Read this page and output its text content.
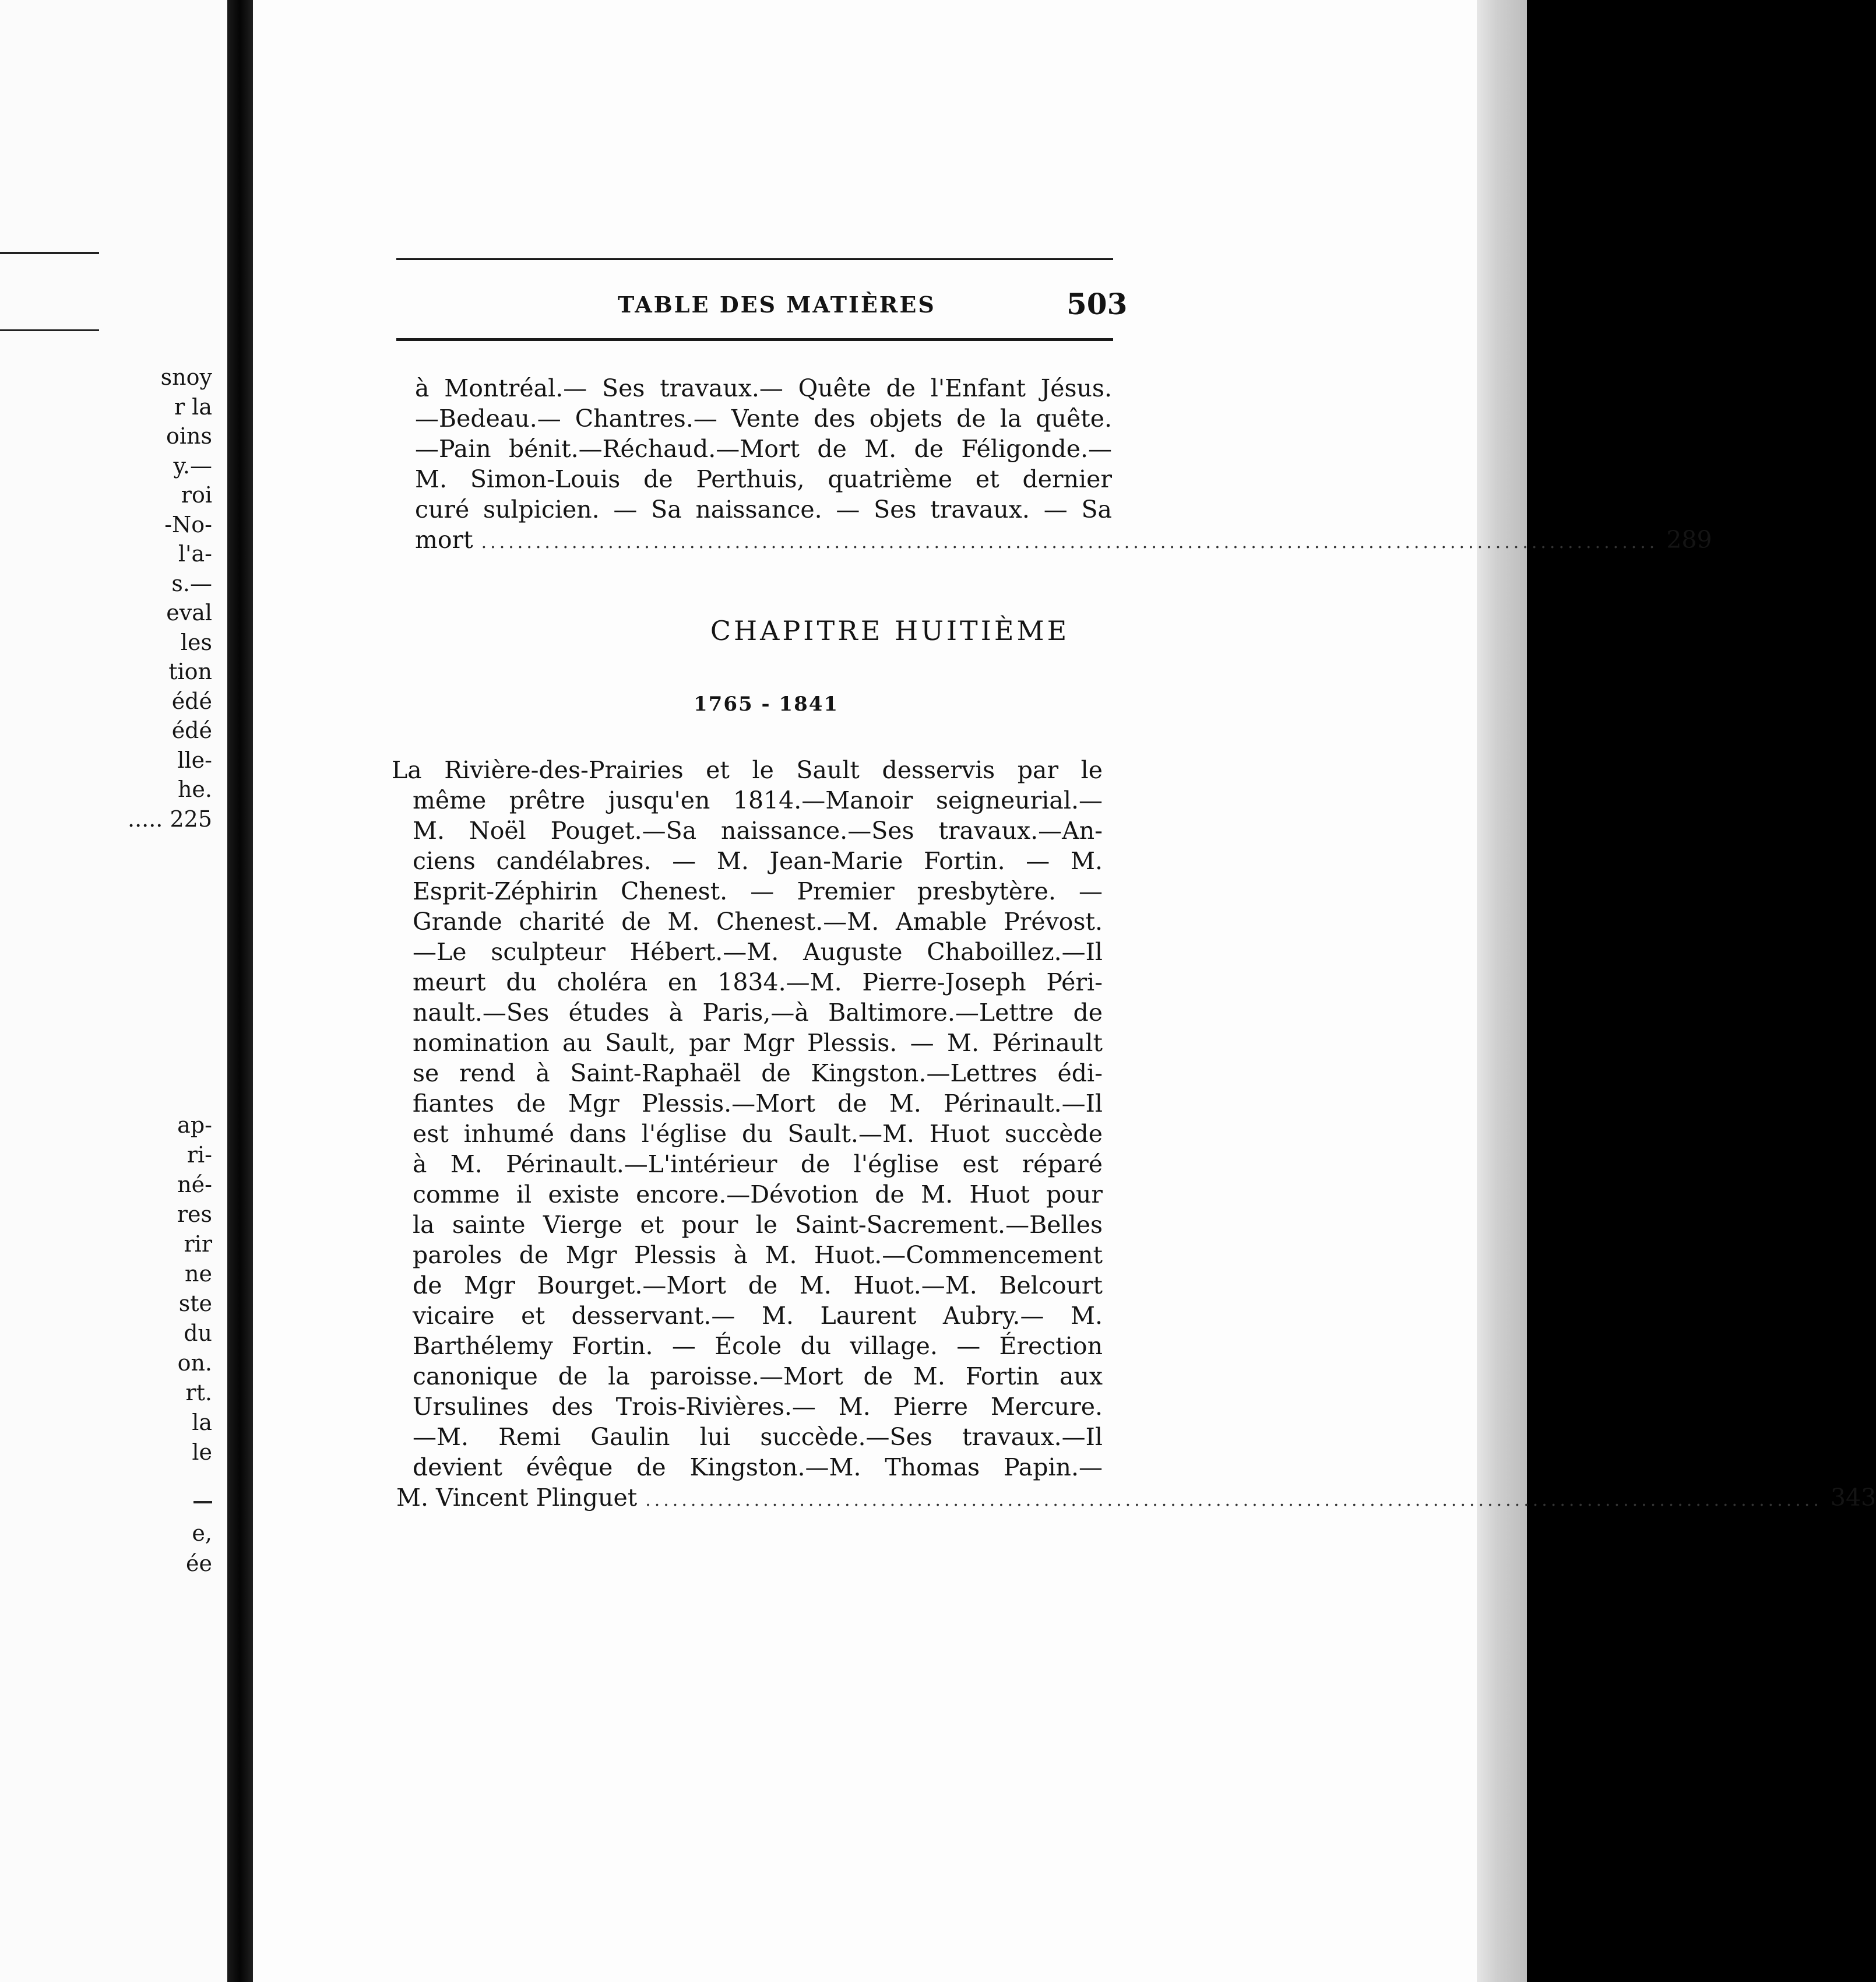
snoy
r la
oins
y.—
roi
-No-
l'a-
s.—
eval
les
tion
édé
édé
lle-
he.
..... 225
ap-
ri-
né-
res
rir
ne
ste
du
on.
rt.
la
le
e,
ée
TABLE DES MATIÈRES	503
à Montréal.— Ses travaux.— Quête de l'Enfant Jésus.
—Bedeau.— Chantres.— Vente des objets de la quête.
—Pain bénit.—Réchaud.—Mort de M. de Féligonde.—
M. Simon-Louis de Perthuis, quatrième et dernier
curé sulpicien. — Sa naissance. — Ses travaux. — Sa
mort .................................................................................................................................. 289
CHAPITRE HUITIÈME
1765 - 1841
La Rivière-des-Prairies et le Sault desservis par le
même prêtre jusqu'en 1814.—Manoir seigneurial.—
M. Noël Pouget.—Sa naissance.—Ses travaux.—An-
ciens candélabres. — M. Jean-Marie Fortin. — M.
Esprit-Zéphirin Chenest. — Premier presbytère. —
Grande charité de M. Chenest.—M. Amable Prévost.
—Le sculpteur Hébert.—M. Auguste Chaboillez.—Il
meurt du choléra en 1834.—M. Pierre-Joseph Péri-
nault.—Ses études à Paris,—à Baltimore.—Lettre de
nomination au Sault, par Mgr Plessis. — M. Périnault
se rend à Saint-Raphaël de Kingston.—Lettres édi-
fiantes de Mgr Plessis.—Mort de M. Périnault.—Il
est inhumé dans l'église du Sault.—M. Huot succède
à M. Périnault.—L'intérieur de l'église est réparé
comme il existe encore.—Dévotion de M. Huot pour
la sainte Vierge et pour le Saint-Sacrement.—Belles
paroles de Mgr Plessis à M. Huot.—Commencement
de Mgr Bourget.—Mort de M. Huot.—M. Belcourt
vicaire et desservant.— M. Laurent Aubry.— M.
Barthélemy Fortin. — École du village. — Érection
canonique de la paroisse.—Mort de M. Fortin aux
Ursulines des Trois-Rivières.— M. Pierre Mercure.
—M. Remi Gaulin lui succède.—Ses travaux.—Il
devient évêque de Kingston.—M. Thomas Papin.—
M. Vincent Plinguet .................................................................................................................................. 343
